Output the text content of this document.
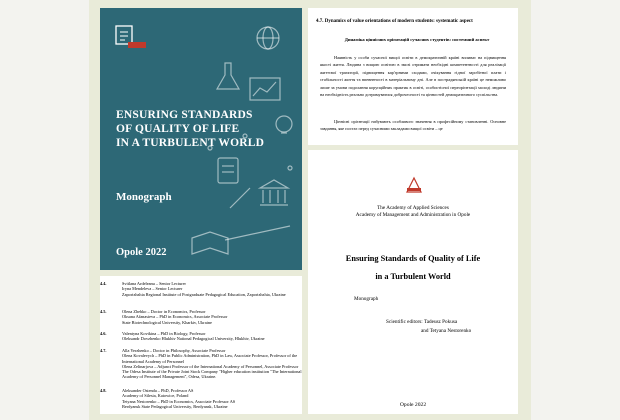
ENSURING STANDARDS
OF QUALITY OF LIFE
IN A TURBULENT WORLD
Monograph
Opole 2022
4.7. Dynamics of value orientations of modern students: systematic aspect
Динаміка ціннісних орієнтацій сучасних студентів: системний аспект
Наявність у особи сучасної вищої освіти в демократичній країні впливає на підвищення якості життя. Людина з вищою освітою в змозі отримати необхідні компетентності для реалізації життєвої траєкторії, підвищення кар'єрними сходами, очікування гідної заробітної плати і стабільності життя та впевненості в матеріальному дні. Але в пострадянській країні це неможливо лише за умови подолання корупційних практик в освіті, особистісної переорієнтації молоді людини на необхідність реально дотримуватися доброчесності та цінностей демократичного суспільства.
Ціннісні орієнтації набувають особливого значення в професійному становленні. Основне завдання, яке постає перед сучасними закладами вищої освіти – це
The Academy of Applied Sciences
Academy of Management and Administration in Opole
Ensuring Standards of Quality of Life
in a Turbulent World
Monograph
Scientific editors: Tadeusz Pokusa
and Tetyana Nestorenko
Opole 2022
4.4.	Svitlana Ardeleanu – Senior Lecturer
Iryna Mendeleva – Senior Lecturer
Zaporizhzhia Regional Institute of Postgraduate Pedagogical Education, Zaporizhzhia, Ukraine
4.5.	Olena Zhebko – Doctor in Economics, Professor
Oksana Afanasieva – PhD in Economics, Associate Professor
State Biotechnological University, Kharkiv, Ukraine
4.6.	Valentyna Kovtkina – PhD in Biology, Professor
Oleksandr Dovzhenko Hlukhiv National Pedagogical University, Hlukhiv, Ukraine
4.7.	Alla Yerzhenko – Doctor in Philosophy, Associate Professor
Olena Kovalevych – PhD in Public Administration, PhD in Law, Associate Professor, Professor of the International Academy of Personnel
Olena Zelinarjova – Adjunct Professor of the International Academy of Personnel, Associate Professor
The Odesa Institute of the Private Joint Stock Company "Higher education institution "The International Academy of Personnel Management", Odesa, Ukraine.
4.8.	Aleksander Ostenda – PhD, Professor AS
Academy of Silesia, Katowice, Poland
Tetyana Nestorenko – PhD in Economics, Associate Professor AS
Berdyansk State Pedagogical University, Berdyansk, Ukraine
